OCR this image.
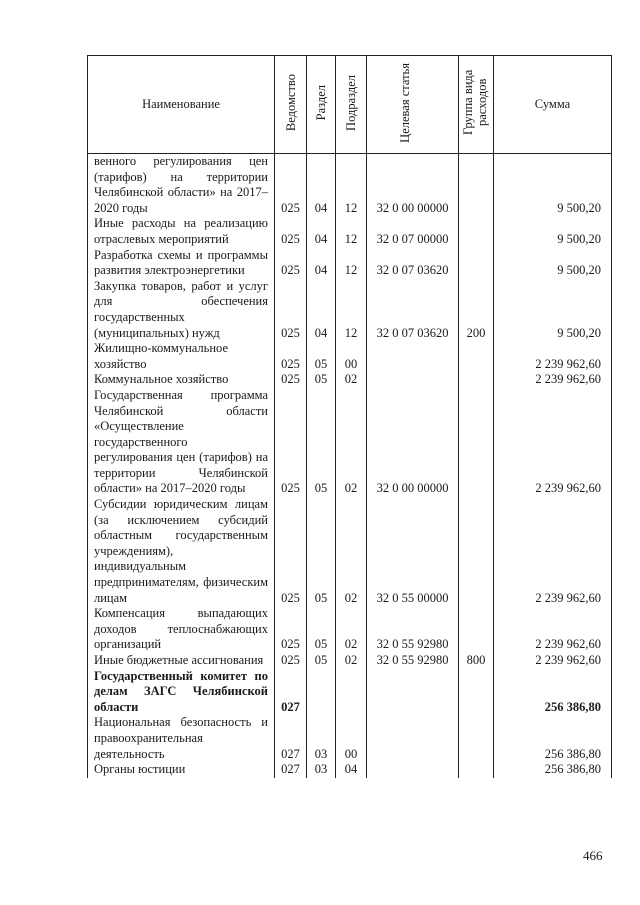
Наименование	Ведомство	Раздел	Подраздел	Целевая статья	Группа вида расходов	Сумма
венного регулирования цен (тарифов) на территории Челябинской области» на 2017–2020 годы	025	04	12	32 0 00 00000		9 500,20
Иные расходы на реализацию отраслевых мероприятий	025	04	12	32 0 07 00000		9 500,20
Разработка схемы и программы развития электроэнергетики	025	04	12	32 0 07 03620		9 500,20
Закупка товаров, работ и услуг для обеспечения государственных (муниципальных) нужд	025	04	12	32 0 07 03620	200	9 500,20
Жилищно-коммунальное хозяйство	025	05	00			2 239 962,60
Коммунальное хозяйство	025	05	02			2 239 962,60
Государственная программа Челябинской области «Осуществление государственного регулирования цен (тарифов) на территории Челябинской области» на 2017–2020 годы	025	05	02	32 0 00 00000		2 239 962,60
Субсидии юридическим лицам (за исключением субсидий областным государственным учреждениям), индивидуальным предпринимателям, физическим лицам	025	05	02	32 0 55 00000		2 239 962,60
Компенсация выпадающих доходов теплоснабжающих организаций	025	05	02	32 0 55 92980		2 239 962,60
Иные бюджетные ассигнования	025	05	02	32 0 55 92980	800	2 239 962,60
Государственный комитет по делам ЗАГС Челябинской области	027					256 386,80
Национальная безопасность и правоохранительная деятельность	027	03	00			256 386,80
Органы юстиции	027	03	04			256 386,80
466
